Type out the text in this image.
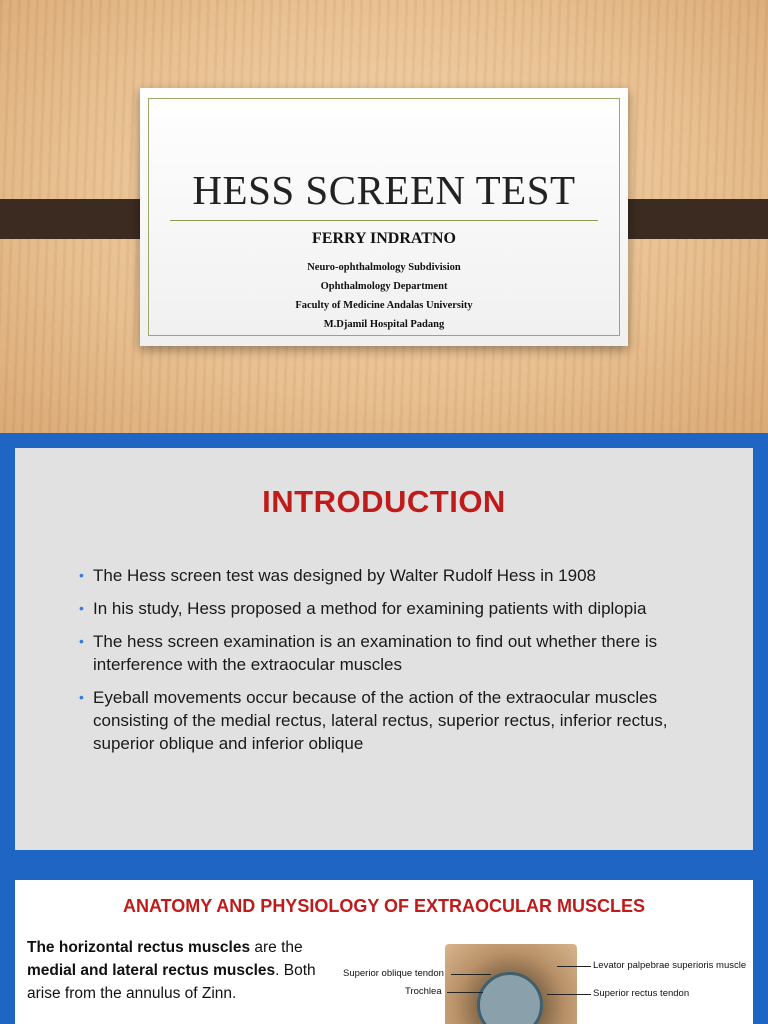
HESS SCREEN TEST
FERRY INDRATNO
Neuro-ophthalmology Subdivision
Ophthalmology Department
Faculty of Medicine Andalas University
M.Djamil Hospital Padang
INTRODUCTION
• The Hess screen test was designed by Walter Rudolf Hess in 1908
• In his study, Hess proposed a method for examining patients with diplopia
• The hess screen examination is an examination to find out whether there is interference with the extraocular muscles
• Eyeball movements occur because of the action of the extraocular muscles consisting of the medial rectus, lateral rectus, superior rectus, inferior rectus, superior oblique and inferior oblique
ANATOMY AND PHYSIOLOGY OF EXTRAOCULAR MUSCLES
The horizontal rectus muscles are the medial and lateral rectus muscles. Both arise from the annulus of Zinn.
Superior oblique tendon
Trochlea
Levator palpebrae superioris muscle
Superior rectus tendon
